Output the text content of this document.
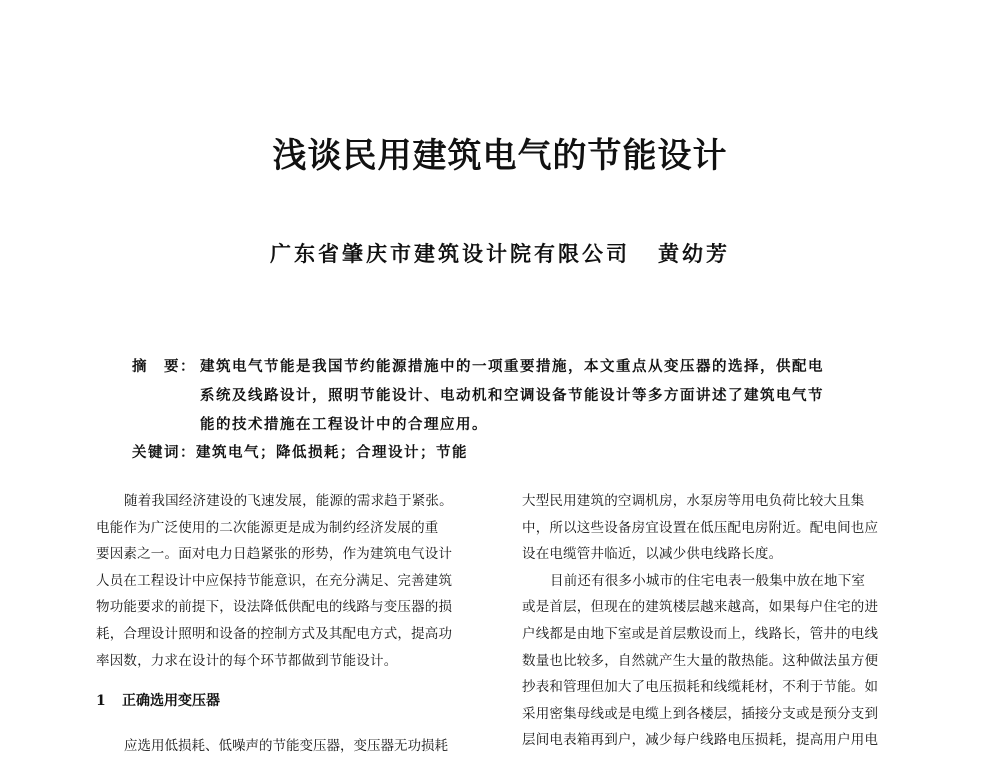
浅谈民用建筑电气的节能设计
广东省肇庆市建筑设计院有限公司 黄幼芳
摘　要： 建筑电气节能是我国节约能源措施中的一项重要措施，本文重点从变压器的选择，供配电
系统及线路设计，照明节能设计、电动机和空调设备节能设计等多方面讲述了建筑电气节
能的技术措施在工程设计中的合理应用。
关键词：建筑电气；降低损耗；合理设计；节能
随着我国经济建设的飞速发展，能源的需求趋于紧张。
电能作为广泛使用的二次能源更是成为制约经济发展的重
要因素之一。面对电力日趋紧张的形势，作为建筑电气设计
人员在工程设计中应保持节能意识，在充分满足、完善建筑
物功能要求的前提下，设法降低供配电的线路与变压器的损
耗，合理设计照明和设备的控制方式及其配电方式，提高功
率因数，力求在设计的每个环节都做到节能设计。
1 正确选用变压器
应选用低损耗、低噪声的节能变压器，变压器无功损耗
大型民用建筑的空调机房，水泵房等用电负荷比较大且集
中，所以这些设备房宜设置在低压配电房附近。配电间也应
设在电缆管井临近，以减少供电线路长度。
目前还有很多小城市的住宅电表一般集中放在地下室
或是首层，但现在的建筑楼层越来越高，如果每户住宅的进
户线都是由地下室或是首层敷设而上，线路长，管井的电线
数量也比较多，自然就产生大量的散热能。这种做法虽方便
抄表和管理但加大了电压损耗和线缆耗材，不利于节能。如
采用密集母线或是电缆上到各楼层，插接分支或是预分支到
层间电表箱再到户，减少每户线路电压损耗，提高用户用电
